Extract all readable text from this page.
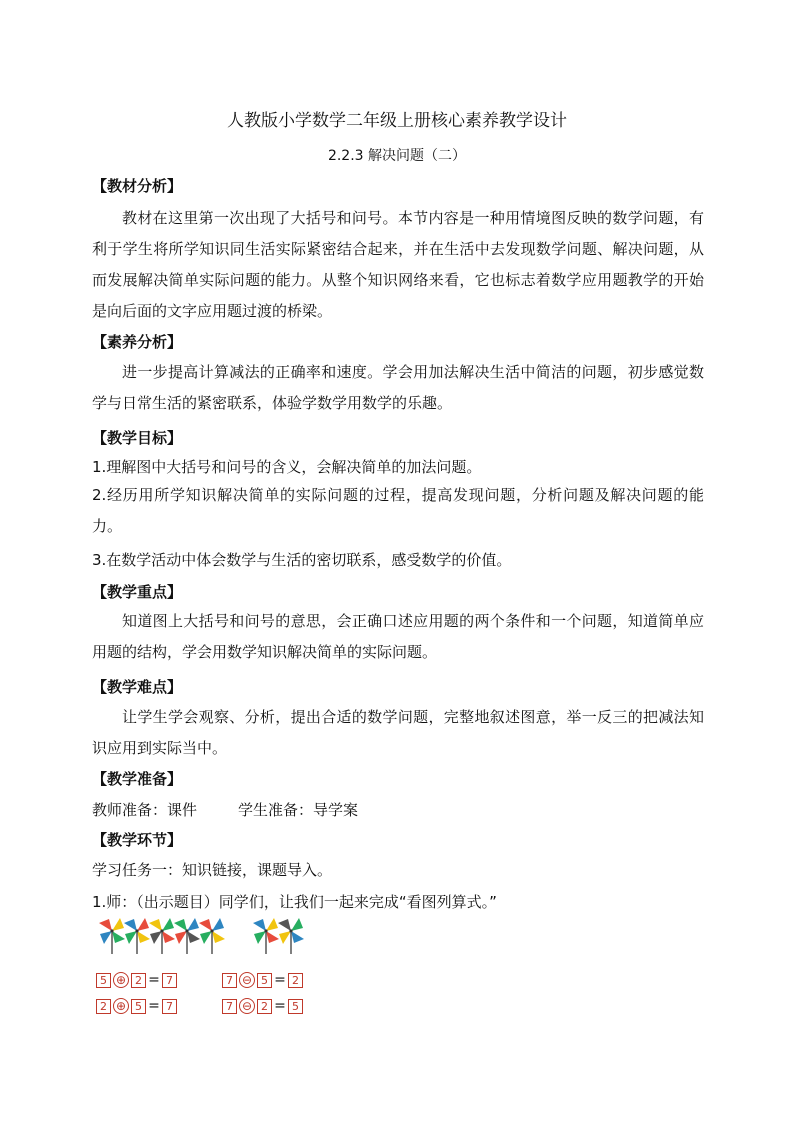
人教版小学数学二年级上册核心素养教学设计
2.2.3 解决问题（二）
【教材分析】
教材在这里第一次出现了大括号和问号。本节内容是一种用情境图反映的数学问题，有利于学生将所学知识同生活实际紧密结合起来，并在生活中去发现数学问题、解决问题，从而发展解决简单实际问题的能力。从整个知识网络来看，它也标志着数学应用题教学的开始是向后面的文字应用题过渡的桥梁。
【素养分析】
进一步提高计算减法的正确率和速度。学会用加法解决生活中简洁的问题，初步感觉数学与日常生活的紧密联系，体验学数学用数学的乐趣。
【教学目标】
1.理解图中大括号和问号的含义，会解决简单的加法问题。
2.经历用所学知识解决简单的实际问题的过程，提高发现问题，分析问题及解决问题的能力。
3.在数学活动中体会数学与生活的密切联系，感受数学的价值。
【教学重点】
知道图上大括号和问号的意思，会正确口述应用题的两个条件和一个问题，知道简单应用题的结构，学会用数学知识解决简单的实际问题。
【教学难点】
让学生学会观察、分析，提出合适的数学问题，完整地叙述图意，举一反三的把减法知识应用到实际当中。
【教学准备】
教师准备：课件	学生准备：导学案
【教学环节】
学习任务一：知识链接，课题导入。
1.师：（出示题目）同学们，让我们一起来完成“看图列算式。”
5 ⊕ 2 = 7	7 ⊖ 5 = 2
2 ⊕ 5 = 7	7 ⊖ 2 = 5
